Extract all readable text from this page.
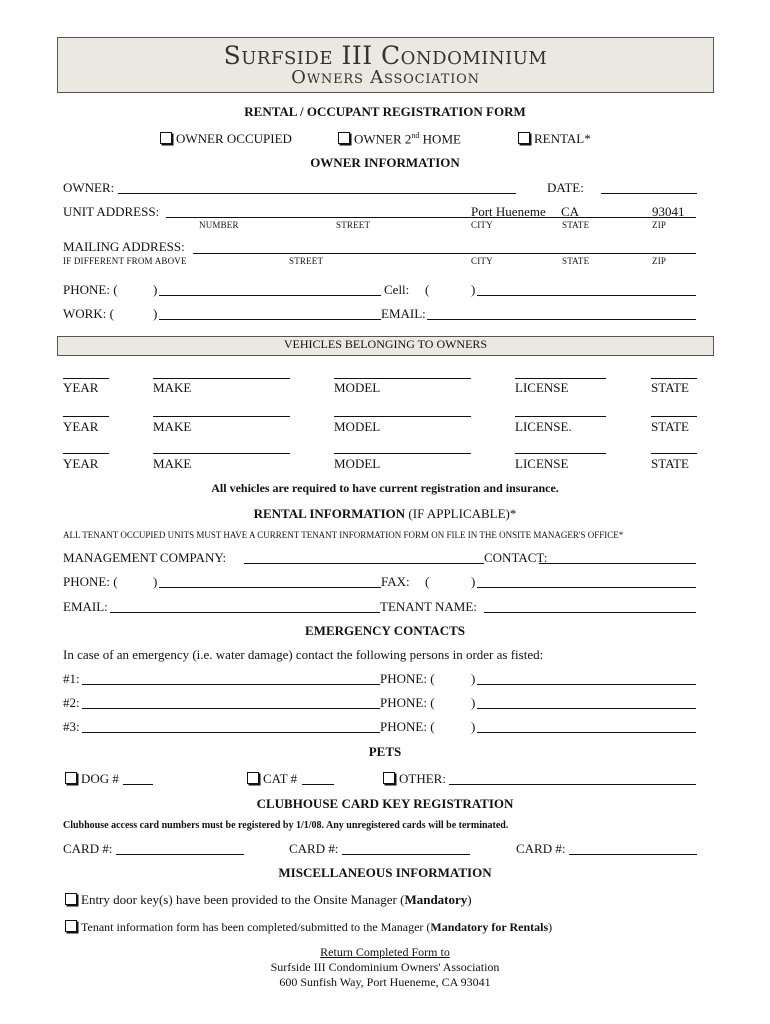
Surfside III Condominium
Owners Association
RENTAL / OCCUPANT REGISTRATION FORM
OWNER OCCUPIED	OWNER 2nd HOME	RENTAL*
OWNER INFORMATION
OWNER:	DATE:
UNIT ADDRESS:	Port Hueneme CA	93041
NUMBER	STREET	CITY	STATE	ZIP
MAILING ADDRESS:
IF DIFFERENT FROM ABOVE	STREET	CITY	STATE	ZIP
PHONE: (	)	Cell: (	)
WORK: (	)	EMAIL:
VEHICLES BELONGING TO OWNERS
YEAR	MAKE	MODEL	LICENSE	STATE
YEAR	MAKE	MODEL	LICENSE.	STATE
YEAR	MAKE	MODEL	LICENSE	STATE
All vehicles are required to have current registration and insurance.
RENTAL INFORMATION (IF APPLICABLE)*
ALL TENANT OCCUPIED UNITS MUST HAVE A CURRENT TENANT INFORMATION FORM ON FILE IN THE ONSITE MANAGER'S OFFICE*
MANAGEMENT COMPANY:	CONTACT:
PHONE: (	)	FAX: (	)
EMAIL:	TENANT NAME:
EMERGENCY CONTACTS
In case of an emergency (i.e. water damage) contact the following persons in order as fisted:
#1:	PHONE: (	)
#2:	PHONE: (	)
#3:	PHONE: (	)
PETS
DOG #	CAT #	OTHER:
CLUBHOUSE CARD KEY REGISTRATION
Clubhouse access card numbers must be registered by 1/1/08. Any unregistered cards will be terminated.
CARD #:	CARD #:	CARD #:
MISCELLANEOUS INFORMATION
Entry door key(s) have been provided to the Onsite Manager (Mandatory)
Tenant information form has been completed/submitted to the Manager (Mandatory for Rentals)
Return Completed Form to
Surfside III Condominium Owners' Association
600 Sunfish Way, Port Hueneme, CA 93041
